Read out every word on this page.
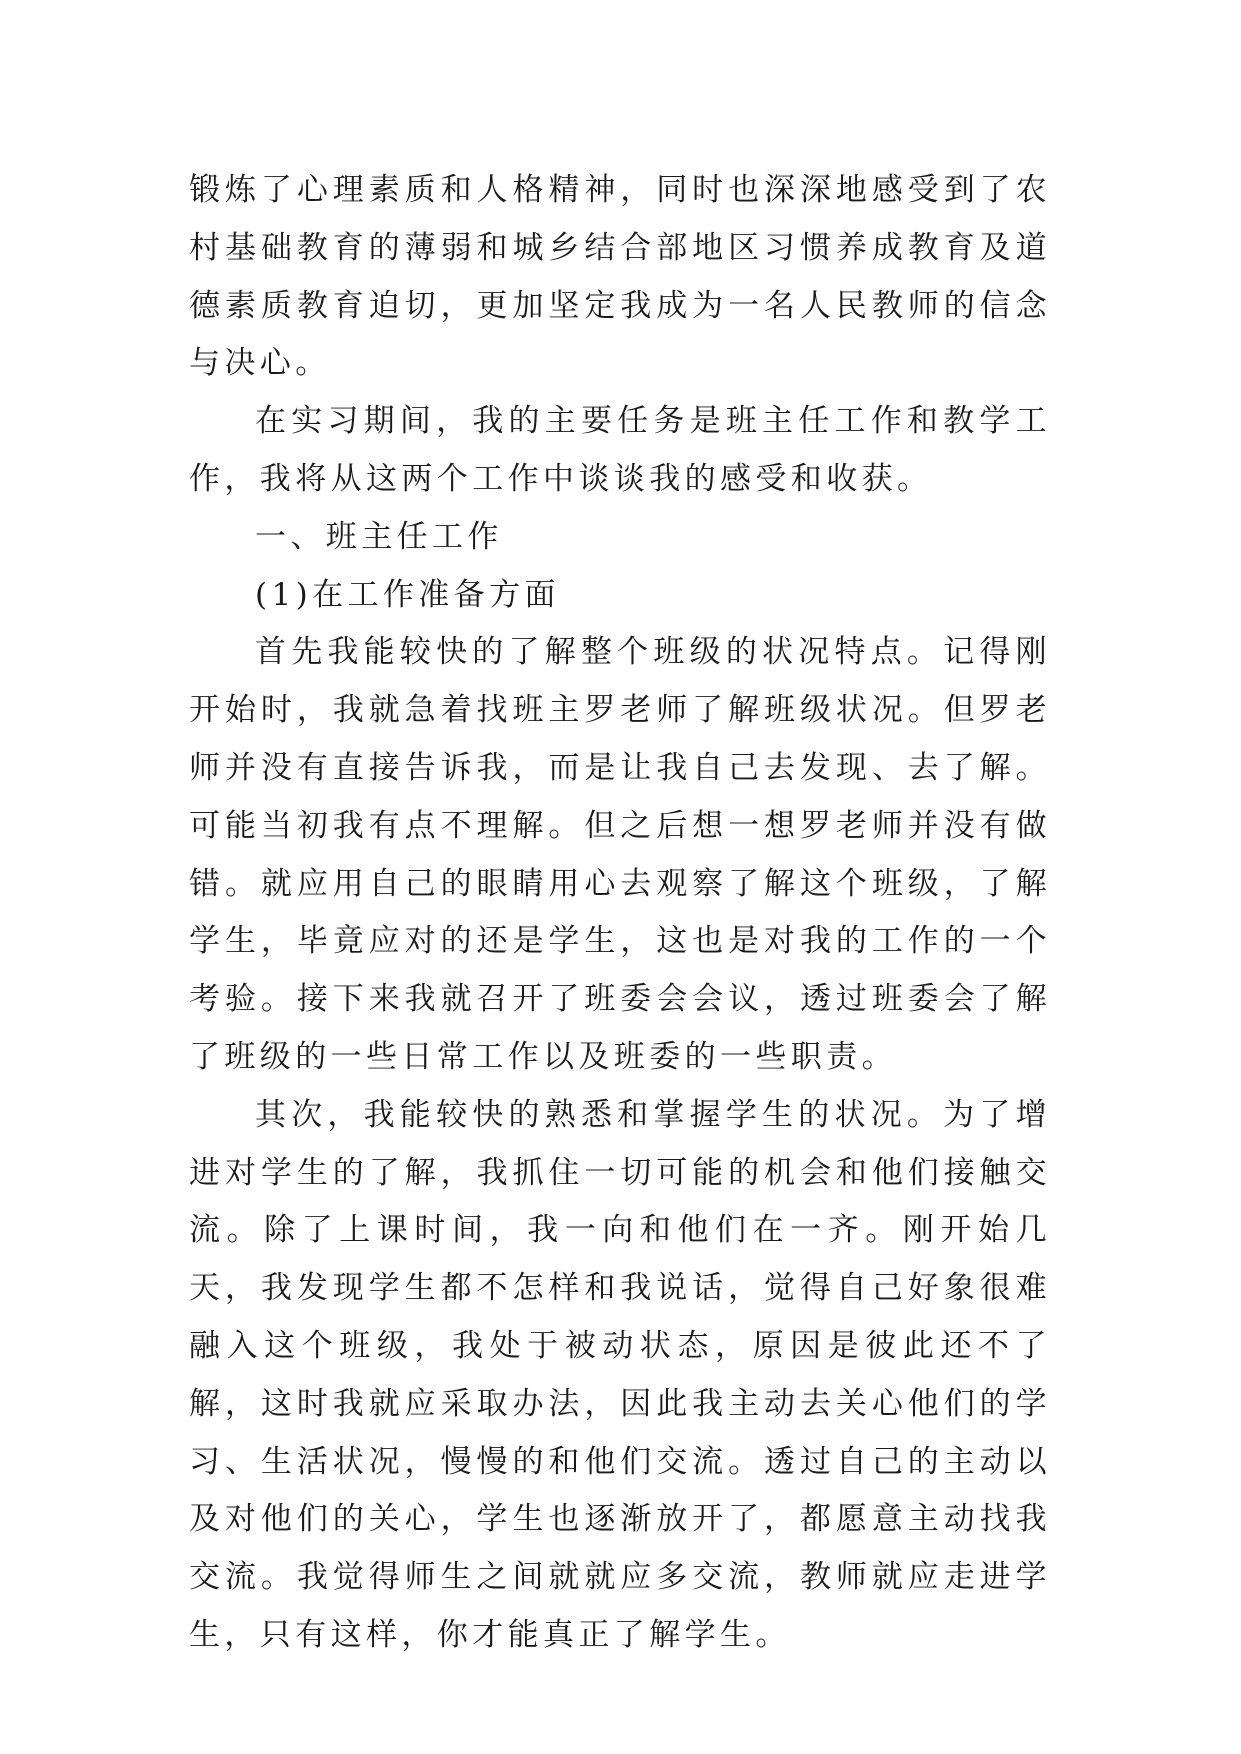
锻炼了心理素质和人格精神，同时也深深地感受到了农村基础教育的薄弱和城乡结合部地区习惯养成教育及道德素质教育迫切，更加坚定我成为一名人民教师的信念与决心。

在实习期间，我的主要任务是班主任工作和教学工作，我将从这两个工作中谈谈我的感受和收获。

一、班主任工作

(1)在工作准备方面

首先我能较快的了解整个班级的状况特点。记得刚开始时，我就急着找班主罗老师了解班级状况。但罗老师并没有直接告诉我，而是让我自己去发现、去了解。可能当初我有点不理解。但之后想一想罗老师并没有做错。就应用自己的眼睛用心去观察了解这个班级，了解学生，毕竟应对的还是学生，这也是对我的工作的一个考验。接下来我就召开了班委会会议，透过班委会了解了班级的一些日常工作以及班委的一些职责。

其次，我能较快的熟悉和掌握学生的状况。为了增进对学生的了解，我抓住一切可能的机会和他们接触交流。除了上课时间，我一向和他们在一齐。刚开始几天，我发现学生都不怎样和我说话，觉得自己好象很难融入这个班级，我处于被动状态，原因是彼此还不了解，这时我就应采取办法，因此我主动去关心他们的学习、生活状况，慢慢的和他们交流。透过自己的主动以及对他们的关心，学生也逐渐放开了，都愿意主动找我交流。我觉得师生之间就就应多交流，教师就应走进学生，只有这样，你才能真正了解学生。
